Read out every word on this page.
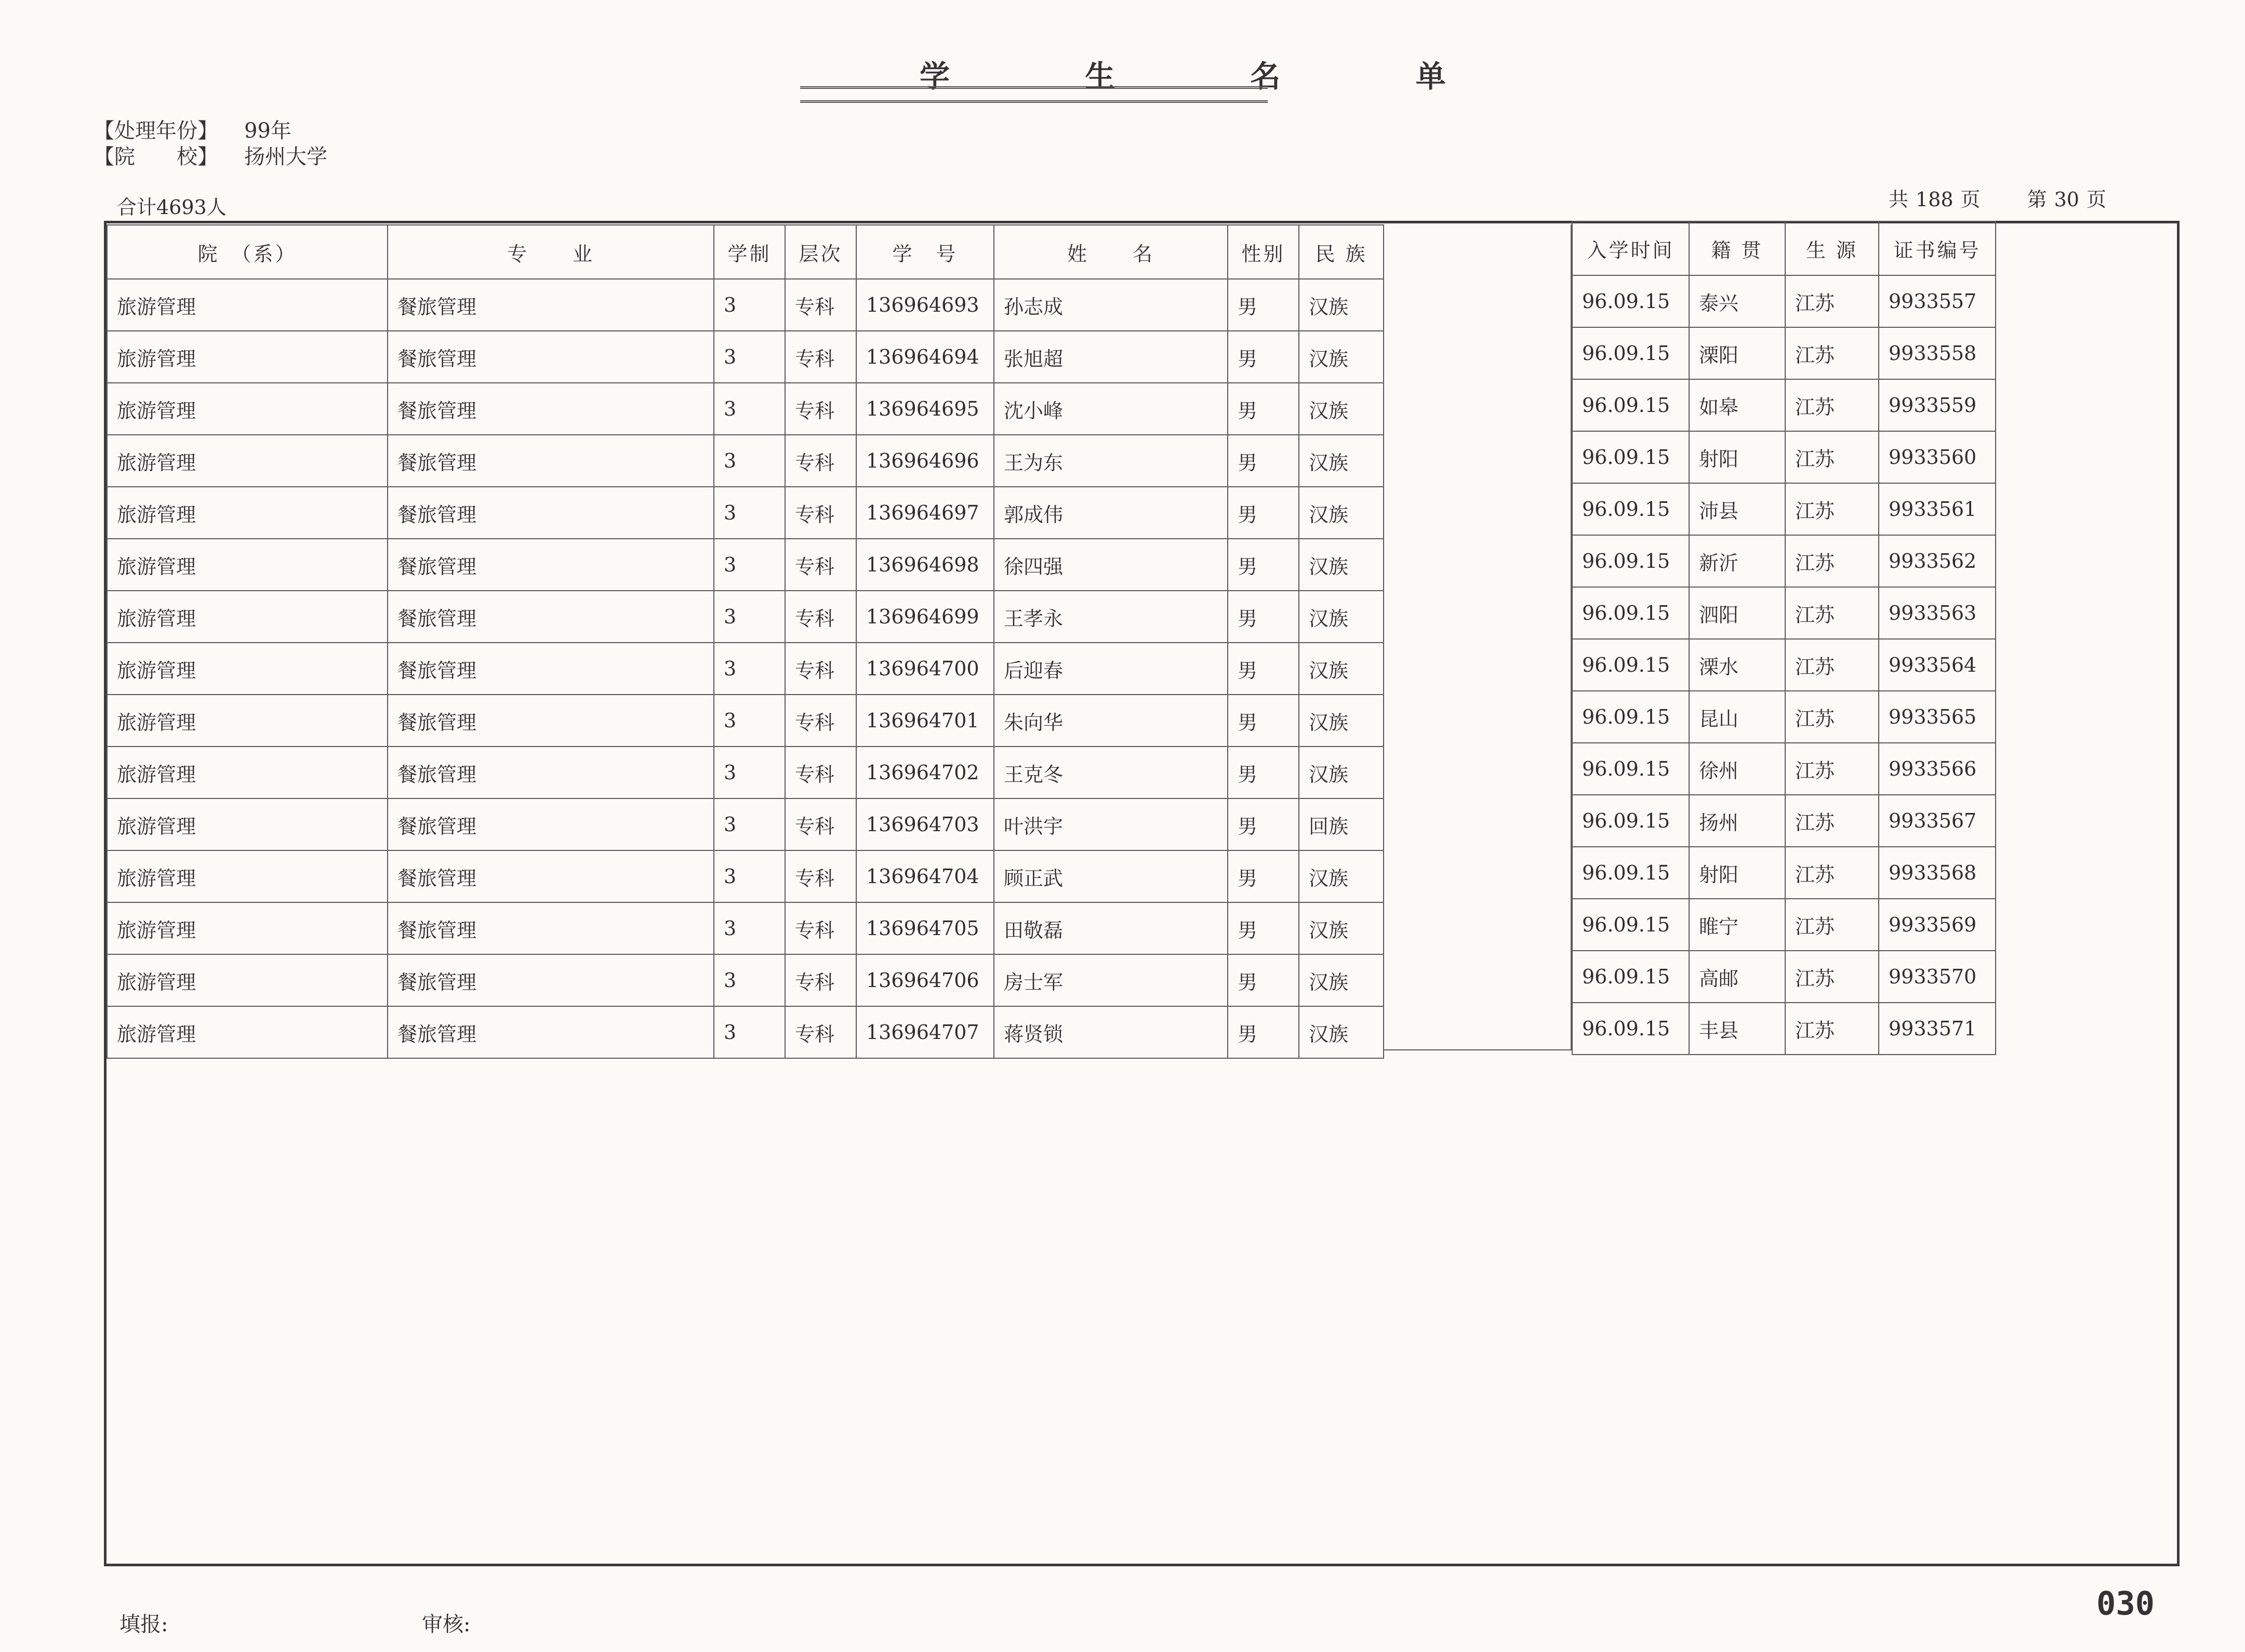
学 生 名 单
【处理年份】 99年
【院　　校】 扬州大学
合计4693人	共 188 页 第 30 页
院　（系）	专　　业	学制	层次	学　号	姓　　名	性别	民 族
旅游管理	餐旅管理	3	专科	136964693	孙志成	男	汉族
旅游管理	餐旅管理	3	专科	136964694	张旭超	男	汉族
旅游管理	餐旅管理	3	专科	136964695	沈小峰	男	汉族
旅游管理	餐旅管理	3	专科	136964696	王为东	男	汉族
旅游管理	餐旅管理	3	专科	136964697	郭成伟	男	汉族
旅游管理	餐旅管理	3	专科	136964698	徐四强	男	汉族
旅游管理	餐旅管理	3	专科	136964699	王孝永	男	汉族
旅游管理	餐旅管理	3	专科	136964700	后迎春	男	汉族
旅游管理	餐旅管理	3	专科	136964701	朱向华	男	汉族
旅游管理	餐旅管理	3	专科	136964702	王克冬	男	汉族
旅游管理	餐旅管理	3	专科	136964703	叶洪宇	男	回族
旅游管理	餐旅管理	3	专科	136964704	顾正武	男	汉族
旅游管理	餐旅管理	3	专科	136964705	田敬磊	男	汉族
旅游管理	餐旅管理	3	专科	136964706	房士军	男	汉族
旅游管理	餐旅管理	3	专科	136964707	蒋贤锁	男	汉族
入学时间	籍 贯	生 源	证书编号
96.09.15	泰兴	江苏	9933557
96.09.15	溧阳	江苏	9933558
96.09.15	如皋	江苏	9933559
96.09.15	射阳	江苏	9933560
96.09.15	沛县	江苏	9933561
96.09.15	新沂	江苏	9933562
96.09.15	泗阳	江苏	9933563
96.09.15	溧水	江苏	9933564
96.09.15	昆山	江苏	9933565
96.09.15	徐州	江苏	9933566
96.09.15	扬州	江苏	9933567
96.09.15	射阳	江苏	9933568
96.09.15	睢宁	江苏	9933569
96.09.15	高邮	江苏	9933570
96.09.15	丰县	江苏	9933571
填报:	审核:
030
